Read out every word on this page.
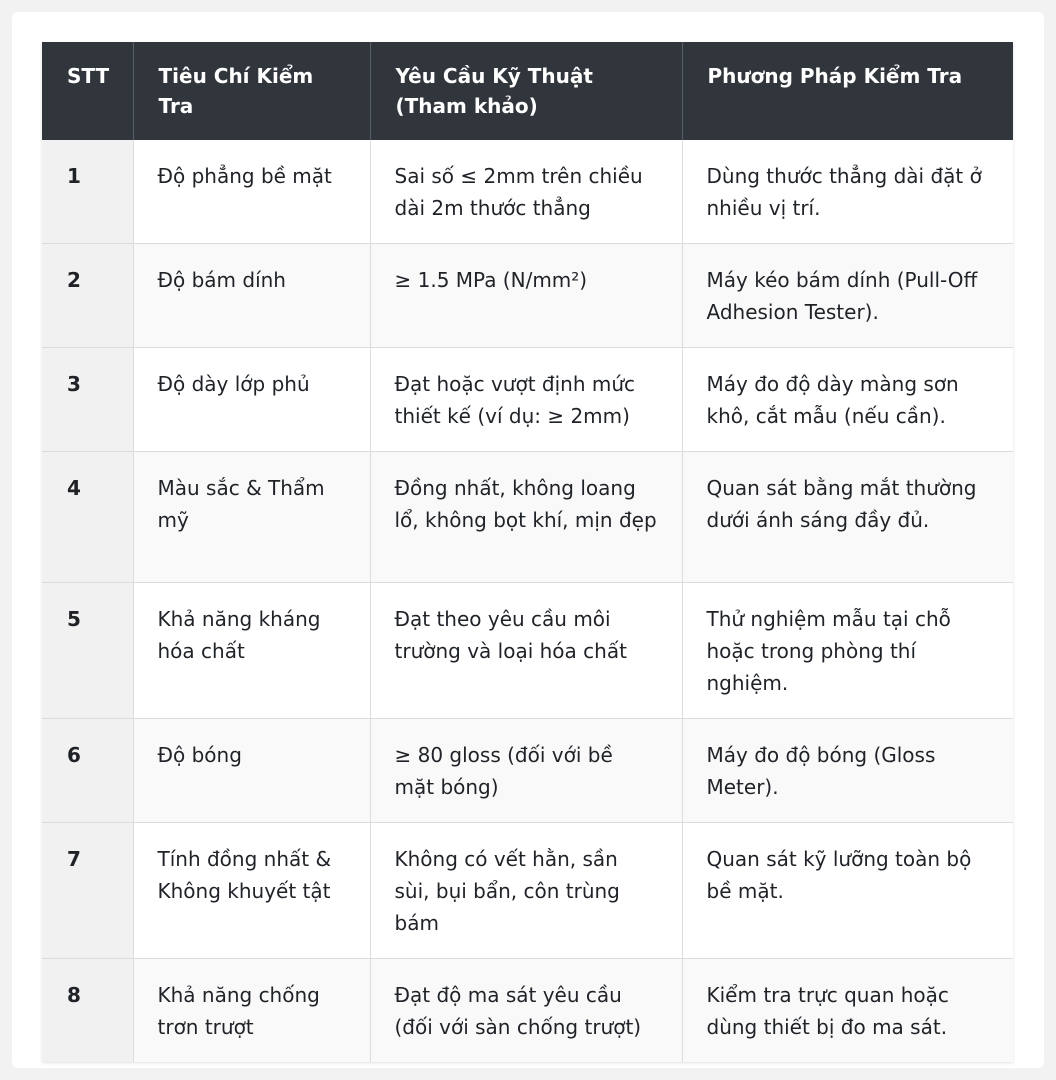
STT	Tiêu Chí Kiểm Tra	Yêu Cầu Kỹ Thuật (Tham khảo)	Phương Pháp Kiểm Tra
1	Độ phẳng bề mặt	Sai số ≤ 2mm trên chiều dài 2m thước thẳng	Dùng thước thẳng dài đặt ở nhiều vị trí.
2	Độ bám dính	≥ 1.5 MPa (N/mm²)	Máy kéo bám dính (Pull-Off Adhesion Tester).
3	Độ dày lớp phủ	Đạt hoặc vượt định mức thiết kế (ví dụ: ≥ 2mm)	Máy đo độ dày màng sơn khô, cắt mẫu (nếu cần).
4	Màu sắc & Thẩm mỹ	Đồng nhất, không loang lổ, không bọt khí, mịn đẹp	Quan sát bằng mắt thường dưới ánh sáng đầy đủ.
5	Khả năng kháng hóa chất	Đạt theo yêu cầu môi trường và loại hóa chất	Thử nghiệm mẫu tại chỗ hoặc trong phòng thí nghiệm.
6	Độ bóng	≥ 80 gloss (đối với bề mặt bóng)	Máy đo độ bóng (Gloss Meter).
7	Tính đồng nhất & Không khuyết tật	Không có vết hằn, sần sùi, bụi bẩn, côn trùng bám	Quan sát kỹ lưỡng toàn bộ bề mặt.
8	Khả năng chống trơn trượt	Đạt độ ma sát yêu cầu (đối với sàn chống trượt)	Kiểm tra trực quan hoặc dùng thiết bị đo ma sát.
